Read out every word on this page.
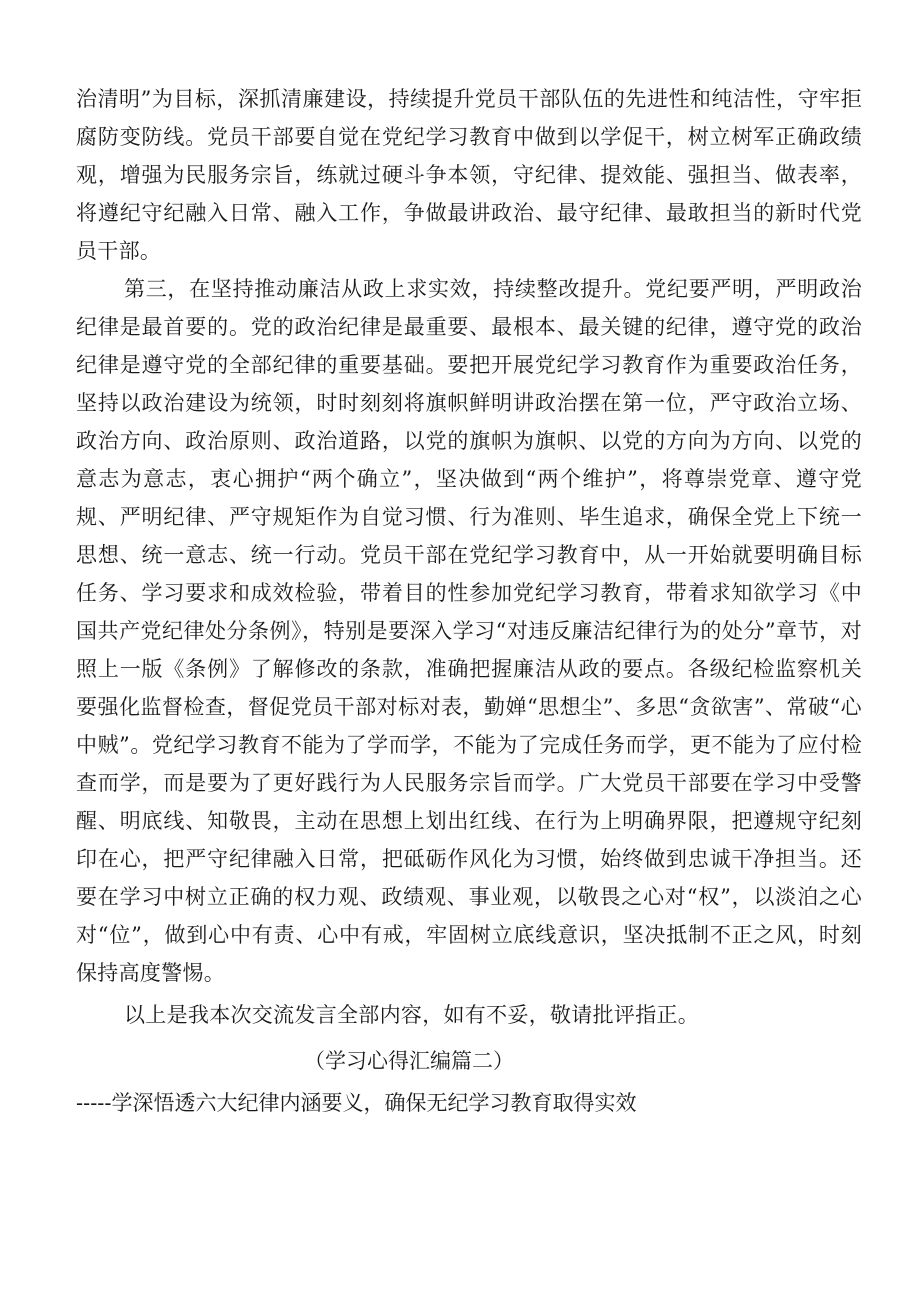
治清明”为目标，深抓清廉建设，持续提升党员干部队伍的先进性和纯洁性，守牢拒腐防变防线。党员干部要自觉在党纪学习教育中做到以学促干，树立树军正确政绩观，增强为民服务宗旨，练就过硬斗争本领，守纪律、提效能、强担当、做表率，将遵纪守纪融入日常、融入工作，争做最讲政治、最守纪律、最敢担当的新时代党员干部。

第三，在坚持推动廉洁从政上求实效，持续整改提升。党纪要严明，严明政治纪律是最首要的。党的政治纪律是最重要、最根本、最关键的纪律，遵守党的政治纪律是遵守党的全部纪律的重要基础。要把开展党纪学习教育作为重要政治任务，坚持以政治建设为统领，时时刻刻将旗帜鲜明讲政治摆在第一位，严守政治立场、政治方向、政治原则、政治道路，以党的旗帜为旗帜、以党的方向为方向、以党的意志为意志，衷心拥护“两个确立”，坚决做到“两个维护”，将尊崇党章、遵守党规、严明纪律、严守规矩作为自觉习惯、行为准则、毕生追求，确保全党上下统一思想、统一意志、统一行动。党员干部在党纪学习教育中，从一开始就要明确目标任务、学习要求和成效检验，带着目的性参加党纪学习教育，带着求知欲学习《中国共产党纪律处分条例》，特别是要深入学习“对违反廉洁纪律行为的处分”章节，对照上一版《条例》了解修改的条款，准确把握廉洁从政的要点。各级纪检监察机关要强化监督检查，督促党员干部对标对表，勤婵“思想尘”、多思“贪欲害”、常破“心中贼”。党纪学习教育不能为了学而学，不能为了完成任务而学，更不能为了应付检查而学，而是要为了更好践行为人民服务宗旨而学。广大党员干部要在学习中受警醒、明底线、知敬畏，主动在思想上划出红线、在行为上明确界限，把遵规守纪刻印在心，把严守纪律融入日常，把砥砺作风化为习惯，始终做到忠诚干净担当。还要在学习中树立正确的权力观、政绩观、事业观，以敬畏之心对“权”，以淡泊之心对“位”，做到心中有责、心中有戒，牢固树立底线意识，坚决抵制不正之风，时刻保持高度警惕。

以上是我本次交流发言全部内容，如有不妥，敬请批评指正。

（学习心得汇编篇二）

-----学深悟透六大纪律内涵要义，确保无纪学习教育取得实效
